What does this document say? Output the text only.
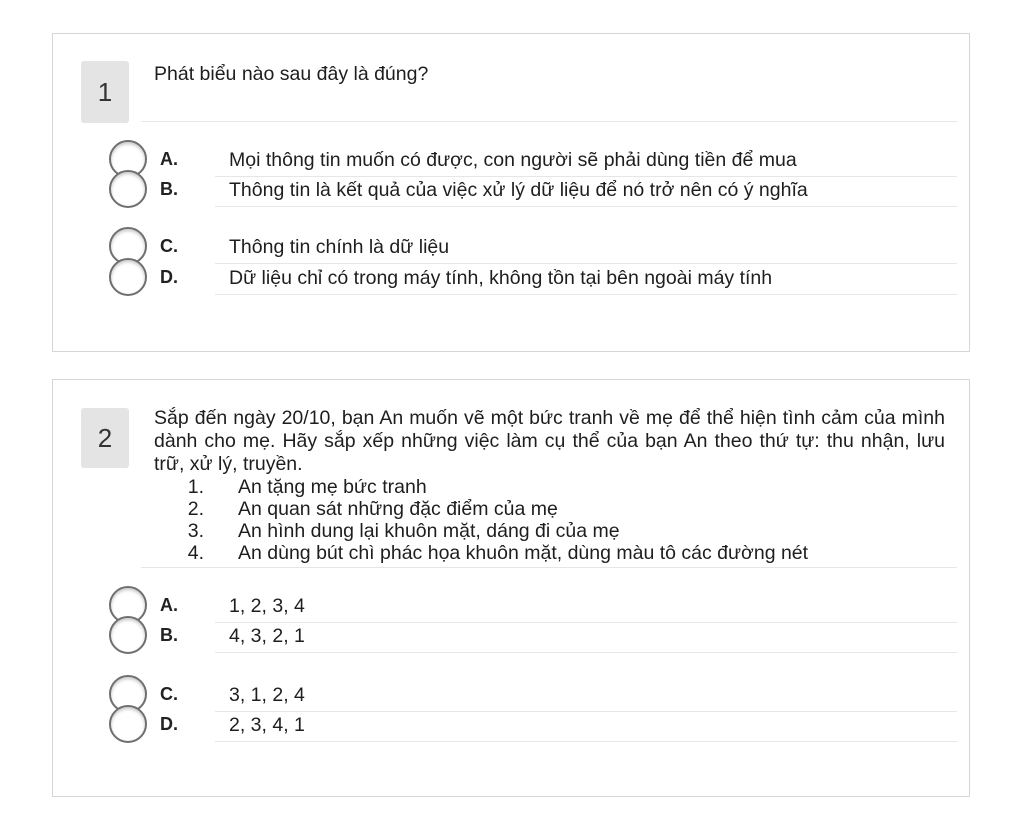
1
Phát biểu nào sau đây là đúng?
A.	Mọi thông tin muốn có được, con người sẽ phải dùng tiền để mua
B.	Thông tin là kết quả của việc xử lý dữ liệu để nó trở nên có ý nghĩa
C.	Thông tin chính là dữ liệu
D.	Dữ liệu chỉ có trong máy tính, không tồn tại bên ngoài máy tính
2
Sắp đến ngày 20/10, bạn An muốn vẽ một bức tranh về mẹ để thể hiện tình cảm của mình dành cho mẹ. Hãy sắp xếp những việc làm cụ thể của bạn An theo thứ tự: thu nhận, lưu trữ, xử lý, truyền.
1.	An tặng mẹ bức tranh
2.	An quan sát những đặc điểm của mẹ
3.	An hình dung lại khuôn mặt, dáng đi của mẹ
4.	An dùng bút chì phác họa khuôn mặt, dùng màu tô các đường nét
A.	1, 2, 3, 4
B.	4, 3, 2, 1
C.	3, 1, 2, 4
D.	2, 3, 4, 1
